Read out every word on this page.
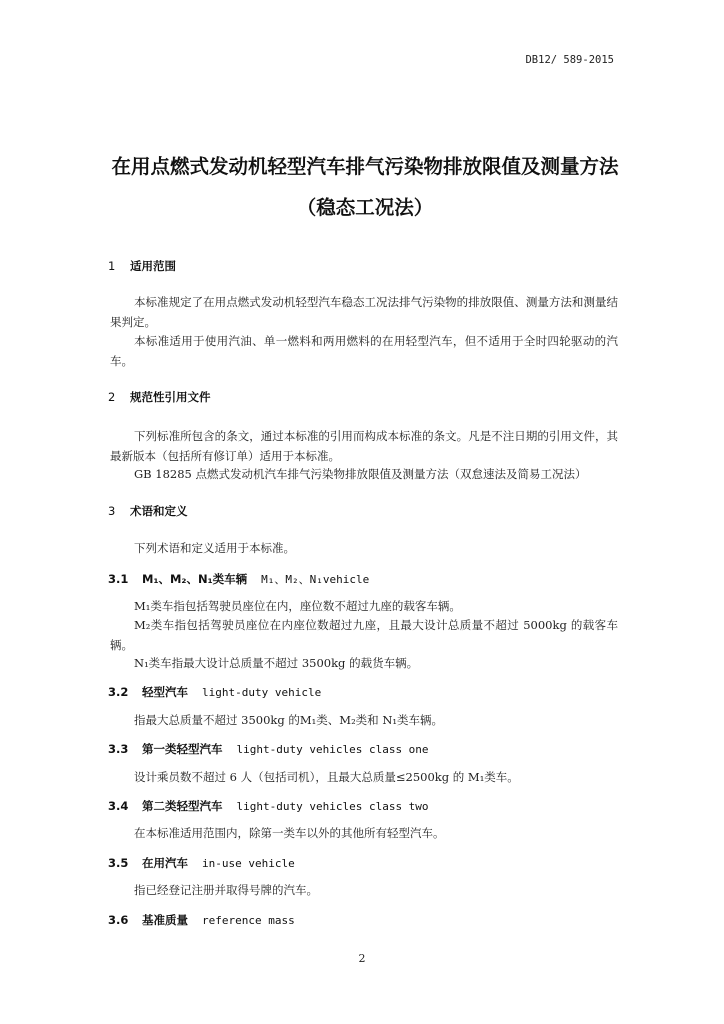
DB12/ 589-2015
在用点燃式发动机轻型汽车排气污染物排放限值及测量方法（稳态工况法）
1 适用范围
本标准规定了在用点燃式发动机轻型汽车稳态工况法排气污染物的排放限值、测量方法和测量结果判定。
本标准适用于使用汽油、单一燃料和两用燃料的在用轻型汽车，但不适用于全时四轮驱动的汽车。
2 规范性引用文件
下列标准所包含的条文，通过本标准的引用而构成本标准的条文。凡是不注日期的引用文件，其最新版本（包括所有修订单）适用于本标准。
GB 18285 点燃式发动机汽车排气污染物排放限值及测量方法（双怠速法及简易工况法）
3 术语和定义
下列术语和定义适用于本标准。
3.1 M₁、M₂、N₁类车辆 M₁、M₂、N₁vehicle
M₁类车指包括驾驶员座位在内，座位数不超过九座的载客车辆。
M₂类车指包括驾驶员座位在内座位数超过九座，且最大设计总质量不超过 5000kg 的载客车辆。
N₁类车指最大设计总质量不超过 3500kg 的载货车辆。
3.2 轻型汽车 light-duty vehicle
指最大总质量不超过 3500kg 的M₁类、M₂类和 N₁类车辆。
3.3 第一类轻型汽车 light-duty vehicles class one
设计乘员数不超过 6 人（包括司机），且最大总质量≤2500kg 的 M₁类车。
3.4 第二类轻型汽车 light-duty vehicles class two
在本标准适用范围内，除第一类车以外的其他所有轻型汽车。
3.5 在用汽车 in-use vehicle
指已经登记注册并取得号牌的汽车。
3.6 基准质量 reference mass
2
